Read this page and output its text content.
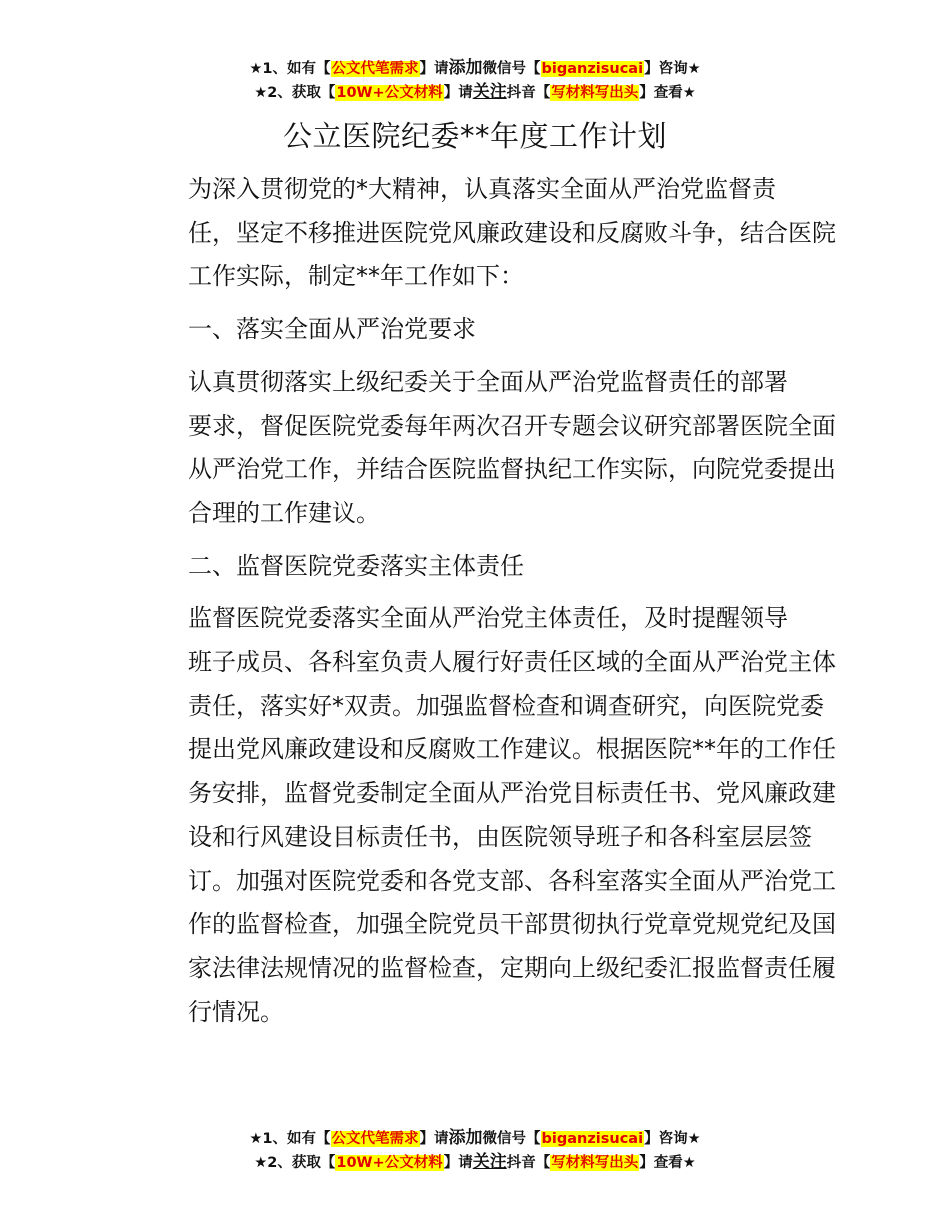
★1、如有【公文代笔需求】请添加微信号【biganzisucai】咨询★
★2、获取【10W+公文材料】请关注抖音【写材料写出头】查看★
公立医院纪委**年度工作计划

为深入贯彻党的*大精神，认真落实全面从严治党监督责
任，坚定不移推进医院党风廉政建设和反腐败斗争，结合医院
工作实际，制定**年工作如下：

一、落实全面从严治党要求

认真贯彻落实上级纪委关于全面从严治党监督责任的部署
要求，督促医院党委每年两次召开专题会议研究部署医院全面
从严治党工作，并结合医院监督执纪工作实际，向院党委提出
合理的工作建议。

二、监督医院党委落实主体责任

监督医院党委落实全面从严治党主体责任，及时提醒领导
班子成员、各科室负责人履行好责任区域的全面从严治党主体
责任，落实好*双责。加强监督检查和调查研究，向医院党委
提出党风廉政建设和反腐败工作建议。根据医院**年的工作任
务安排，监督党委制定全面从严治党目标责任书、党风廉政建
设和行风建设目标责任书，由医院领导班子和各科室层层签
订。加强对医院党委和各党支部、各科室落实全面从严治党工
作的监督检查，加强全院党员干部贯彻执行党章党规党纪及国
家法律法规情况的监督检查，定期向上级纪委汇报监督责任履
行情况。

★1、如有【公文代笔需求】请添加微信号【biganzisucai】咨询★
★2、获取【10W+公文材料】请关注抖音【写材料写出头】查看★
